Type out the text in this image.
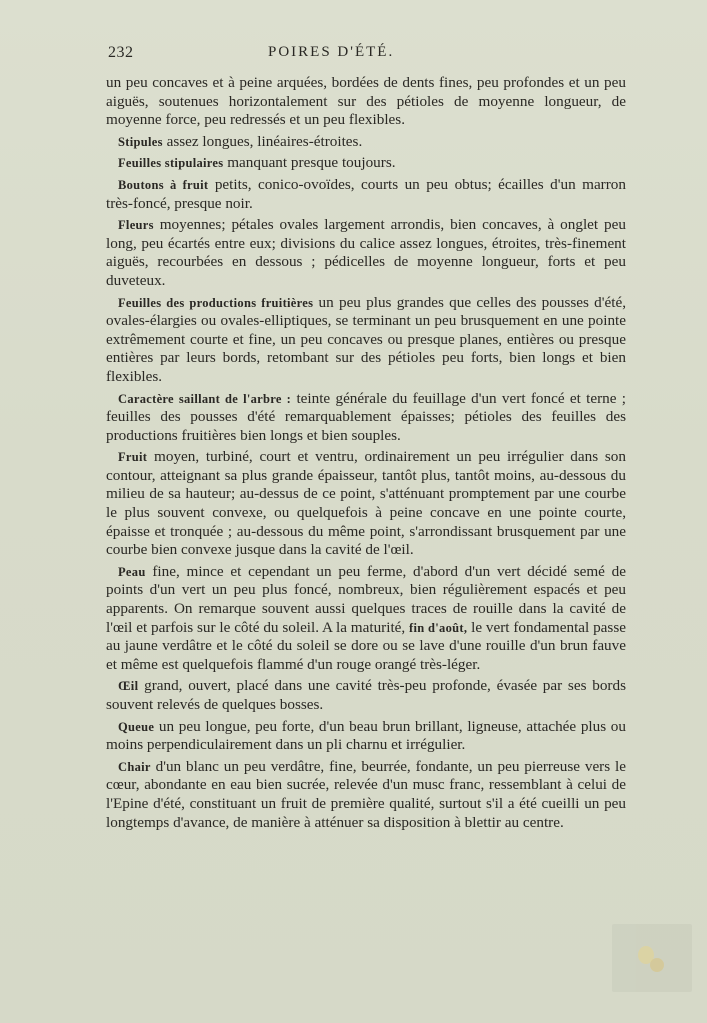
232	POIRES D'ÉTÉ.

un peu concaves et à peine arquées, bordées de dents fines, peu profondes et un peu aiguës, soutenues horizontalement sur des pétioles de moyenne longueur, de moyenne force, peu redressés et un peu flexibles.

Stipules assez longues, linéaires-étroites.

Feuilles stipulaires manquant presque toujours.

Boutons à fruit petits, conico-ovoïdes, courts un peu obtus; écailles d'un marron très-foncé, presque noir.

Fleurs moyennes; pétales ovales largement arrondis, bien concaves, à onglet peu long, peu écartés entre eux; divisions du calice assez longues, étroites, très-finement aiguës, recourbées en dessous ; pédicelles de moyenne longueur, forts et peu duveteux.

Feuilles des productions fruitières un peu plus grandes que celles des pousses d'été, ovales-élargies ou ovales-elliptiques, se terminant un peu brusquement en une pointe extrêmement courte et fine, un peu concaves ou presque planes, entières ou presque entières par leurs bords, retombant sur des pétioles peu forts, bien longs et bien flexibles.

Caractère saillant de l'arbre : teinte générale du feuillage d'un vert foncé et terne ; feuilles des pousses d'été remarquablement épaisses; pétioles des feuilles des productions fruitières bien longs et bien souples.

Fruit moyen, turbiné, court et ventru, ordinairement un peu irrégulier dans son contour, atteignant sa plus grande épaisseur, tantôt plus, tantôt moins, au-dessous du milieu de sa hauteur; au-dessus de ce point, s'atténuant promptement par une courbe le plus souvent convexe, ou quelquefois à peine concave en une pointe courte, épaisse et tronquée ; au-dessous du même point, s'arrondissant brusquement par une courbe bien convexe jusque dans la cavité de l'œil.

Peau fine, mince et cependant un peu ferme, d'abord d'un vert décidé semé de points d'un vert un peu plus foncé, nombreux, bien régulièrement espacés et peu apparents. On remarque souvent aussi quelques traces de rouille dans la cavité de l'œil et parfois sur le côté du soleil. A la maturité, fin d'août, le vert fondamental passe au jaune verdâtre et le côté du soleil se dore ou se lave d'une rouille d'un brun fauve et même est quelquefois flammé d'un rouge orangé très-léger.

Œil grand, ouvert, placé dans une cavité très-peu profonde, évasée par ses bords souvent relevés de quelques bosses.

Queue un peu longue, peu forte, d'un beau brun brillant, ligneuse, attachée plus ou moins perpendiculairement dans un pli charnu et irrégulier.

Chair d'un blanc un peu verdâtre, fine, beurrée, fondante, un peu pierreuse vers le cœur, abondante en eau bien sucrée, relevée d'un musc franc, ressemblant à celui de l'Epine d'été, constituant un fruit de première qualité, surtout s'il a été cueilli un peu longtemps d'avance, de manière à atténuer sa disposition à blettir au centre.
